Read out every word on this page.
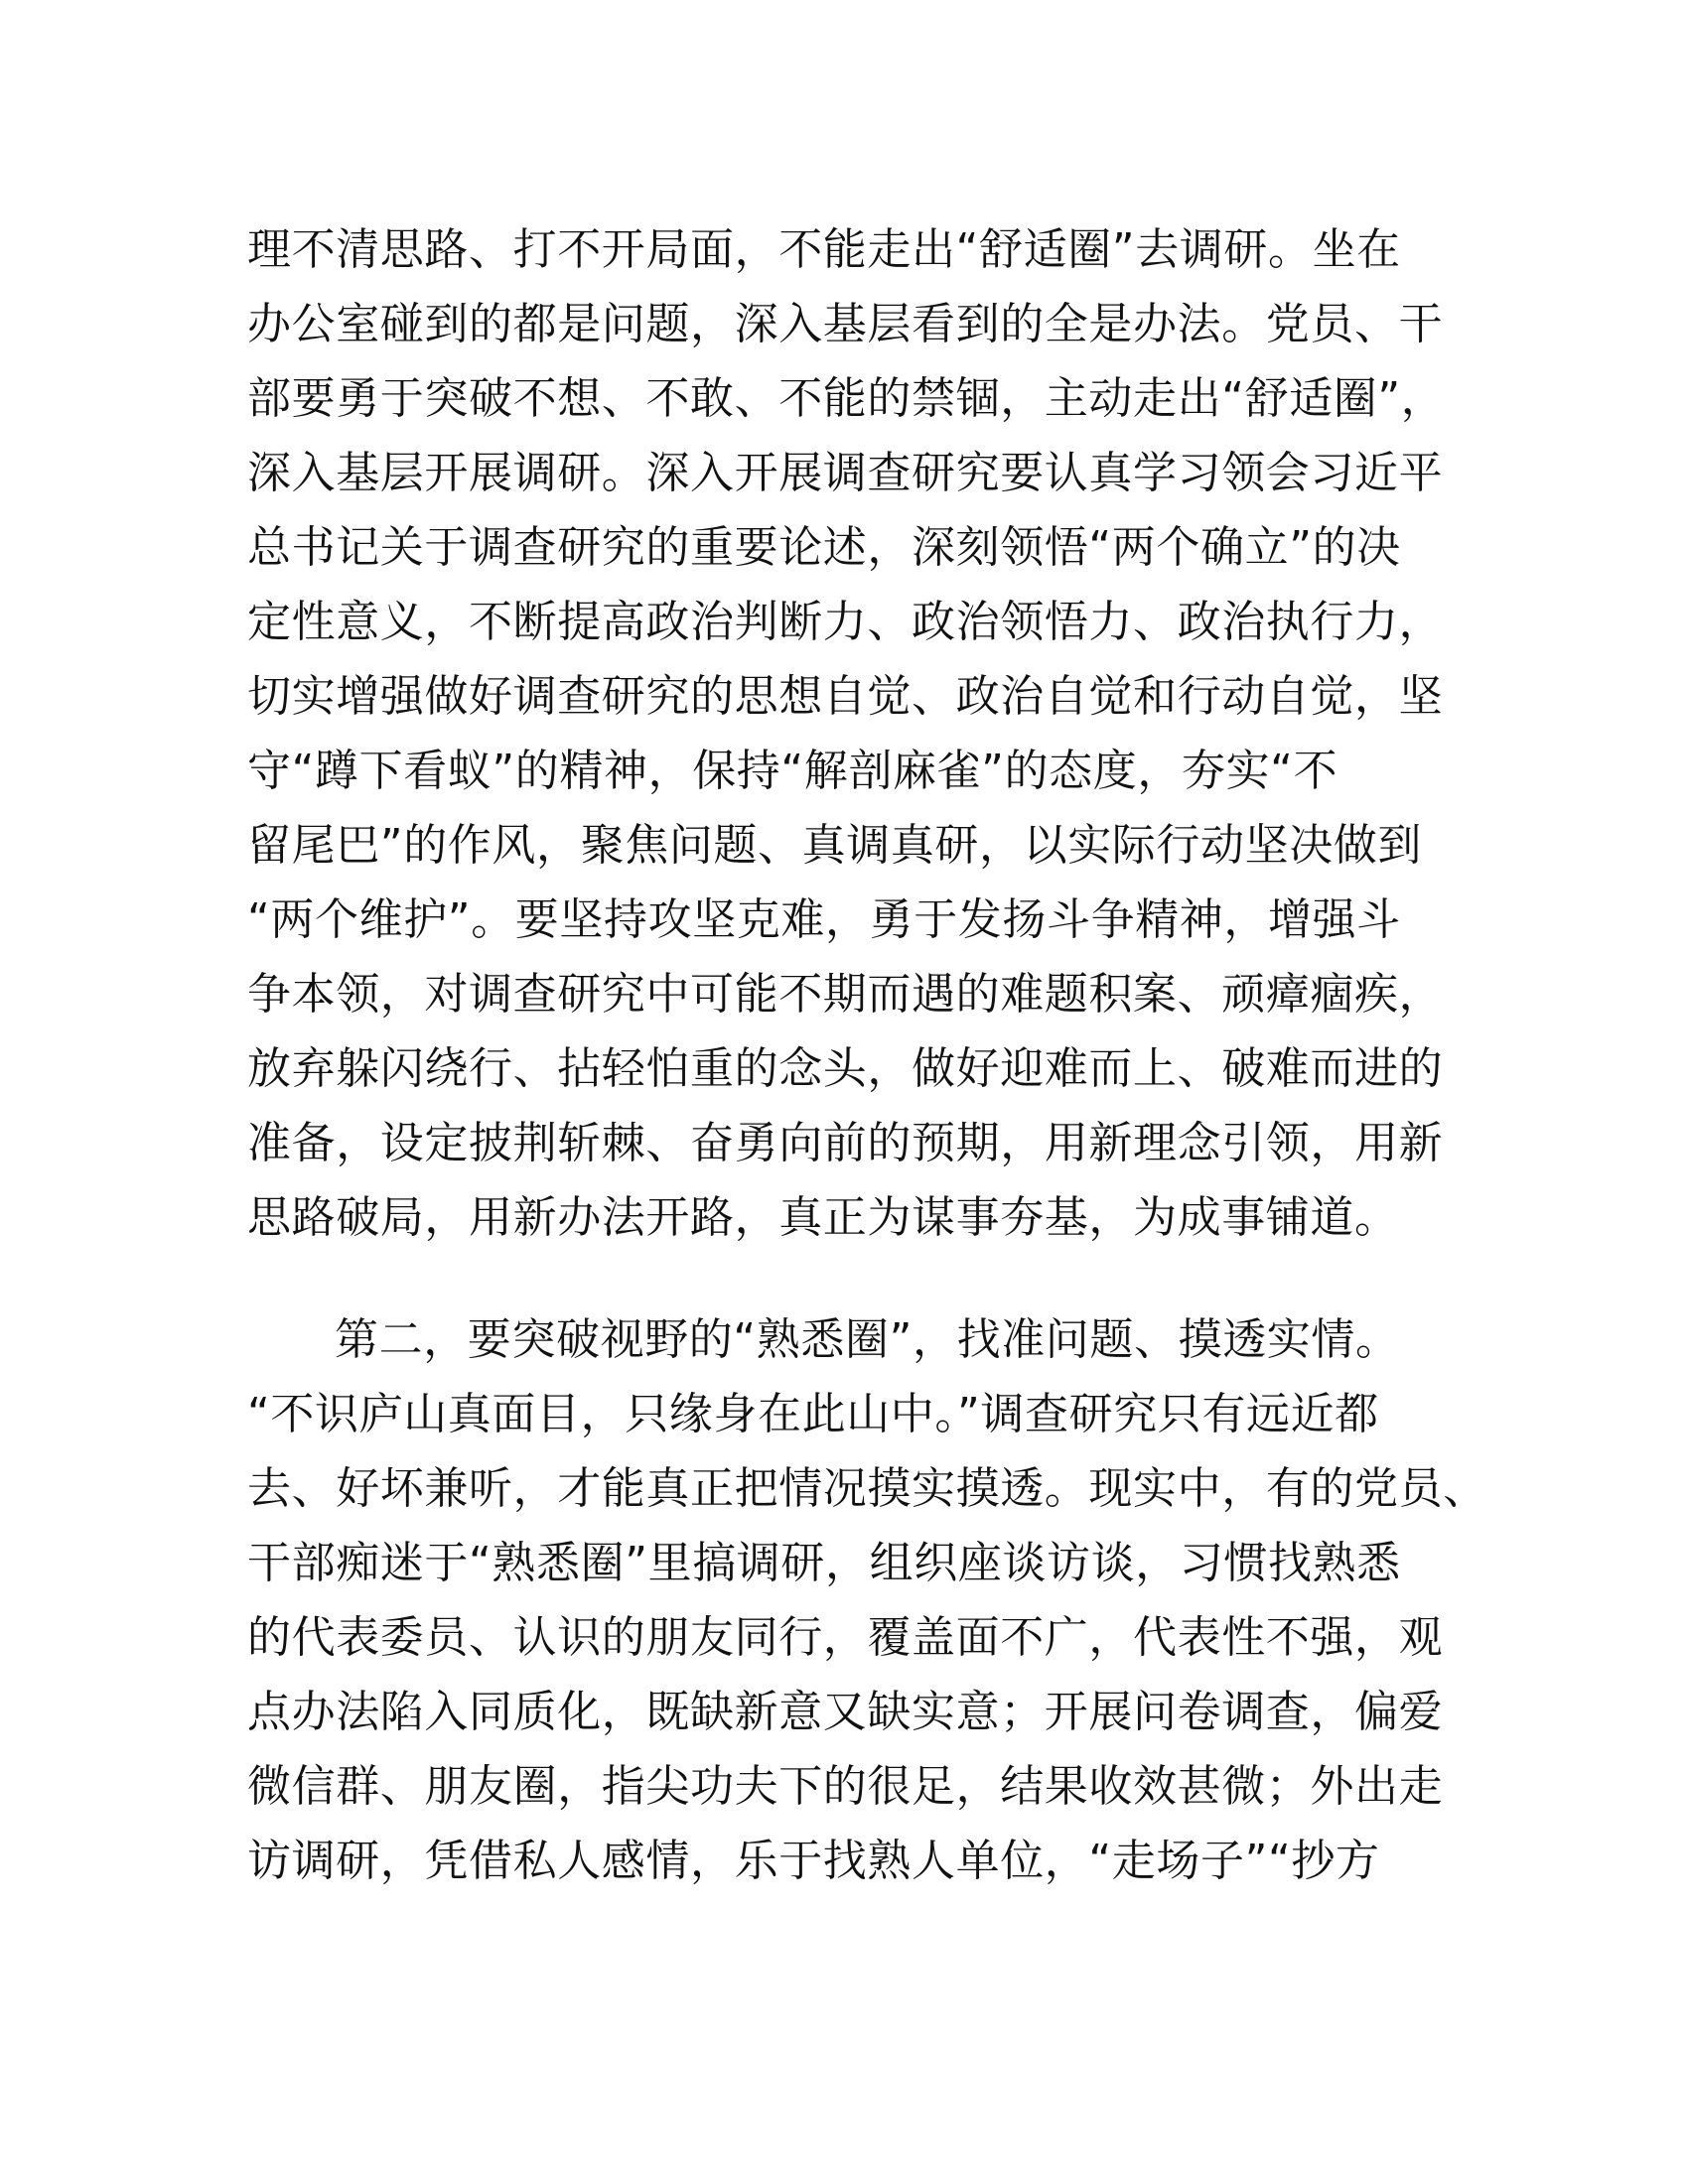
理不清思路、打不开局面，不能走出“舒适圈”去调研。坐在
办公室碰到的都是问题，深入基层看到的全是办法。党员、干
部要勇于突破不想、不敢、不能的禁锢，主动走出“舒适圈”，
深入基层开展调研。深入开展调查研究要认真学习领会习近平
总书记关于调查研究的重要论述，深刻领悟“两个确立”的决
定性意义，不断提高政治判断力、政治领悟力、政治执行力，
切实增强做好调查研究的思想自觉、政治自觉和行动自觉，坚
守“蹲下看蚁”的精神，保持“解剖麻雀”的态度，夯实“不
留尾巴”的作风，聚焦问题、真调真研，以实际行动坚决做到
“两个维护”。要坚持攻坚克难，勇于发扬斗争精神，增强斗
争本领，对调查研究中可能不期而遇的难题积案、顽瘴痼疾，
放弃躲闪绕行、拈轻怕重的念头，做好迎难而上、破难而进的
准备，设定披荆斩棘、奋勇向前的预期，用新理念引领，用新
思路破局，用新办法开路，真正为谋事夯基，为成事铺道。
第二，要突破视野的“熟悉圈”，找准问题、摸透实情。
“不识庐山真面目，只缘身在此山中。”调查研究只有远近都
去、好坏兼听，才能真正把情况摸实摸透。现实中，有的党员、
干部痴迷于“熟悉圈”里搞调研，组织座谈访谈，习惯找熟悉
的代表委员、认识的朋友同行，覆盖面不广，代表性不强，观
点办法陷入同质化，既缺新意又缺实意；开展问卷调查，偏爱
微信群、朋友圈，指尖功夫下的很足，结果收效甚微；外出走
访调研，凭借私人感情，乐于找熟人单位，“走场子”“抄方
